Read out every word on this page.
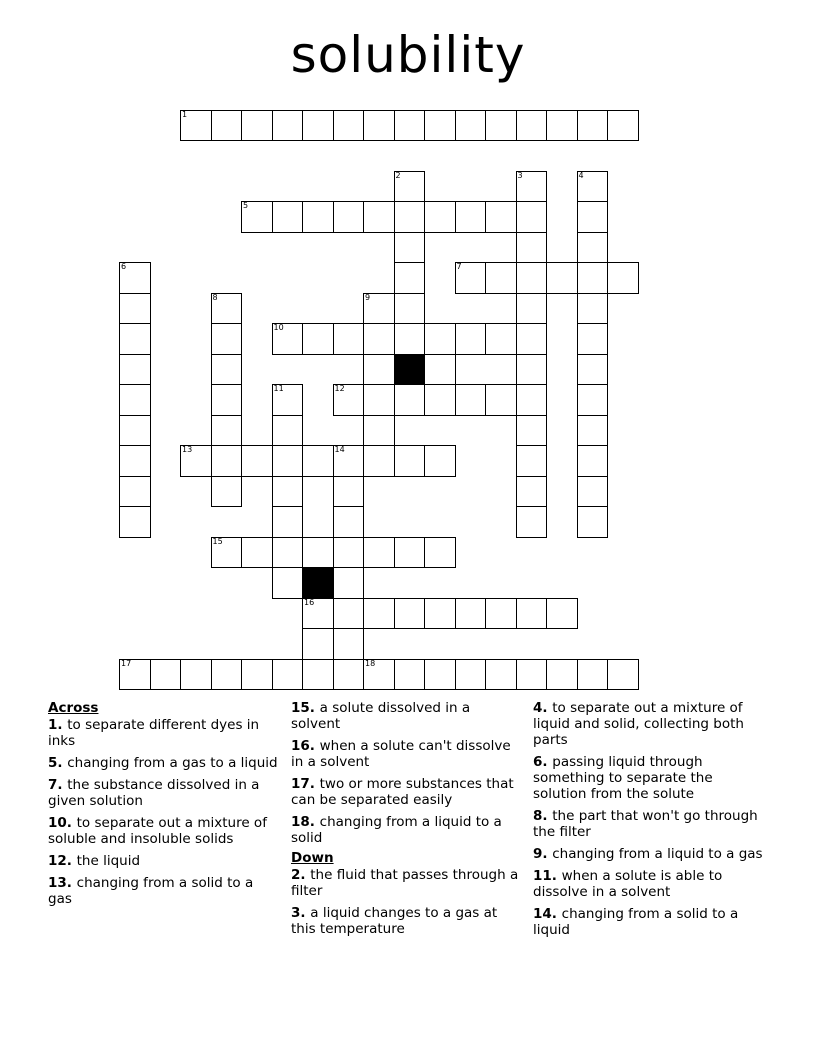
solubility
1
2	3	4
5
6	7
8	9
10
11	12
13	14
15
16
17	18
Across
1. to separate different dyes in inks
5. changing from a gas to a liquid
7. the substance dissolved in a given solution
10. to separate out a mixture of soluble and insoluble solids
12. the liquid
13. changing from a solid to a gas
15. a solute dissolved in a solvent
16. when a solute can't dissolve in a solvent
17. two or more substances that can be separated easily
18. changing from a liquid to a solid
Down
2. the fluid that passes through a filter
3. a liquid changes to a gas at this temperature
4. to separate out a mixture of liquid and solid, collecting both parts
6. passing liquid through something to separate the solution from the solute
8. the part that won't go through the filter
9. changing from a liquid to a gas
11. when a solute is able to dissolve in a solvent
14. changing from a solid to a liquid
